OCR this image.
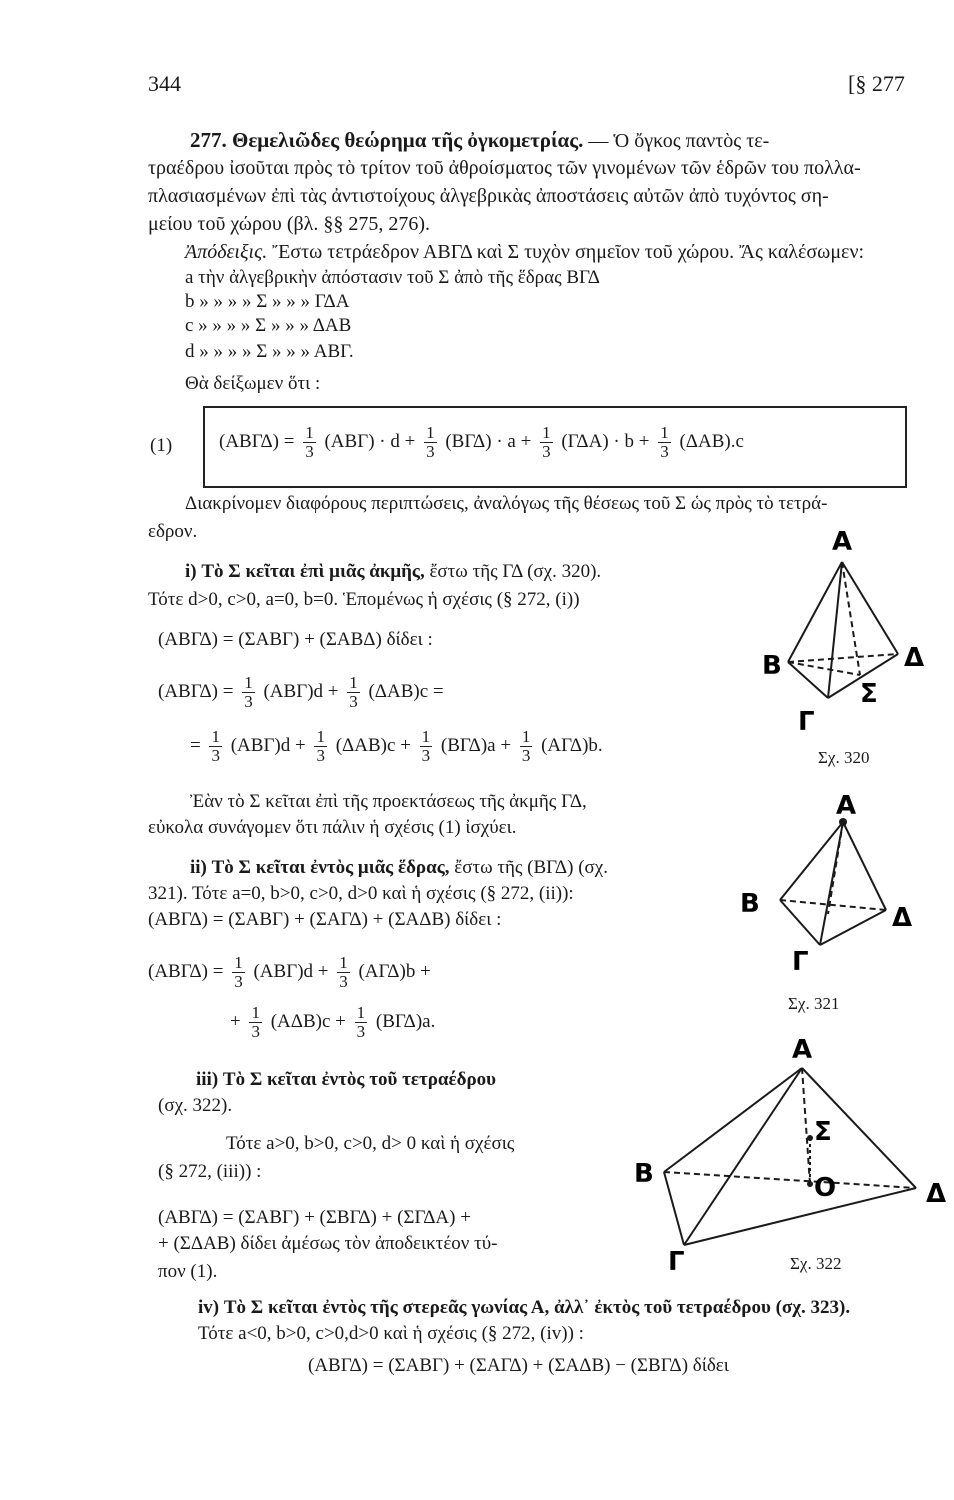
344	[§ 277
277. Θεμελιῶδες θεώρημα τῆς ὀγκομετρίας. — Ὁ ὄγκος παντὸς τε-
τραέδρου ἰσοῦται πρὸς τὸ τρίτον τοῦ ἀθροίσματος τῶν γινομένων τῶν ἑδρῶν του πολλα-
πλασιασμένων ἐπὶ τὰς ἀντιστοίχους ἀλγεβρικὰς ἀποστάσεις αὐτῶν ἀπὸ τυχόντος ση-
μείου τοῦ χώρου (βλ. §§ 275, 276).
Ἀπόδειξις. Ἔστω τετράεδρον ΑΒΓΔ καὶ Σ τυχὸν σημεῖον τοῦ χώρου. Ἄς καλέσωμεν:
a τὴν ἀλγεβρικὴν ἀπόστασιν τοῦ Σ ἀπὸ τῆς ἕδρας ΒΓΔ
b » » » » Σ » » » ΓΔΑ
c » » » » Σ » » » ΔΑΒ
d » » » » Σ » » » ΑΒΓ.
Θὰ δείξωμεν ὅτι :
(1) $(AB\Gamma\Delta) = \frac{1}{3} (AB\Gamma) \cdot d + \frac{1}{3} (B\Gamma\Delta) \cdot a + \frac{1}{3} (\Gamma\Delta A) \cdot b + \frac{1}{3} (\Delta AB).c$
Διακρίνομεν διαφόρους περιπτώσεις, ἀναλόγως τῆς θέσεως τοῦ Σ ὡς πρὸς τὸ τετρά-
εδρον.
i) Τὸ Σ κεῖται ἐπὶ μιᾶς ἀκμῆς, ἔστω τῆς ΓΔ (σχ. 320).
Τότε d>0, c>0, a=0, b=0. Ἑπομένως ἡ σχέσις (§ 272, (i))
(ΑΒΓΔ) = (ΣΑΒΓ) + (ΣΑΒΔ) δίδει :
$(AB\Gamma\Delta) = \frac{1}{3} (AB\Gamma)d + \frac{1}{3} (\Delta AB)c$ =
= $\frac{1}{3} (AB\Gamma)d + \frac{1}{3} (\Delta AB)c + \frac{1}{3} (B\Gamma\Delta)a + \frac{1}{3} (A\Gamma\Delta)b$.
Ἐὰν τὸ Σ κεῖται ἐπὶ τῆς προεκτάσεως τῆς ἀκμῆς ΓΔ,
εὐκολα συνάγομεν ὅτι πάλιν ἡ σχέσις (1) ἰσχύει.
ii) Τὸ Σ κεῖται ἐντὸς μιᾶς ἕδρας, ἔστω τῆς (ΒΓΔ) (σχ.
321). Τότε a=0, b>0, c>0, d>0 καὶ ἡ σχέσις (§ 272, (ii)):
(ΑΒΓΔ) = (ΣΑΒΓ) + (ΣΑΓΔ) + (ΣΑΔΒ) δίδει :
$(AB\Gamma\Delta) = \frac{1}{3} (AB\Gamma)d + \frac{1}{3} (A\Gamma\Delta)b$ +
+ $\frac{1}{3} (A\Delta B)c + \frac{1}{3} (B\Gamma\Delta)a$.
iii) Τὸ Σ κεῖται ἐντὸς τοῦ τετραέδρου
(σχ. 322).
Τότε a>0, b>0, c>0, d> 0 καὶ ἡ σχέσις
(§ 272, (iii)) :
(ΑΒΓΔ) = (ΣΑΒΓ) + (ΣΒΓΔ) + (ΣΓΔΑ) +
+ (ΣΔΑΒ) δίδει ἀμέσως τὸν ἀποδεικτέον τύ-
πον (1).
iv) Τὸ Σ κεῖται ἐντὸς τῆς στερεᾶς γωνίας Α, ἀλλ᾽ ἐκτὸς τοῦ τετραέδρου (σχ. 323).
Τότε a<0, b>0, c>0,d>0 καὶ ἡ σχέσις (§ 272, (iv)) :
(ΑΒΓΔ) = (ΣΑΒΓ) + (ΣΑΓΔ) + (ΣΑΔΒ) − (ΣΒΓΔ) δίδει
Α
Β
Γ
Δ
Σ
Σχ. 320
Α
Β
Γ
Δ
Σχ. 321
Α
Β
Γ
Δ
Σ
O
Σχ. 322
